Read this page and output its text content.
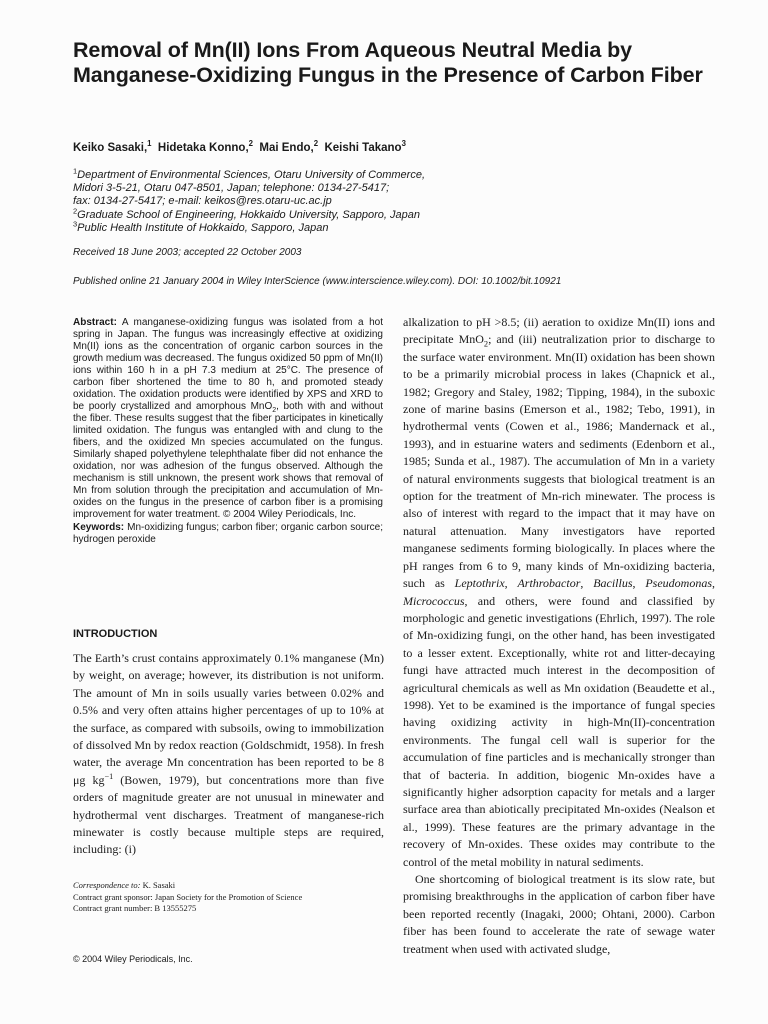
Removal of Mn(II) Ions From Aqueous Neutral Media by Manganese-Oxidizing Fungus in the Presence of Carbon Fiber
Keiko Sasaki,$^1$ Hidetaka Konno,$^2$ Mai Endo,$^2$ Keishi Takano$^3$
$^1$Department of Environmental Sciences, Otaru University of Commerce,
Midori 3-5-21, Otaru 047-8501, Japan; telephone: 0134-27-5417;
fax: 0134-27-5417; e-mail: keikos@res.otaru-uc.ac.jp
$^2$Graduate School of Engineering, Hokkaido University, Sapporo, Japan
$^3$Public Health Institute of Hokkaido, Sapporo, Japan
Received 18 June 2003; accepted 22 October 2003
Published online 21 January 2004 in Wiley InterScience (www.interscience.wiley.com). DOI: 10.1002/bit.10921

Abstract: A manganese-oxidizing fungus was isolated from a hot spring in Japan. The fungus was increasingly effective at oxidizing Mn(II) ions as the concentration of organic carbon sources in the growth medium was decreased. The fungus oxidized 50 ppm of Mn(II) ions within 160 h in a pH 7.3 medium at 25°C. The presence of carbon fiber shortened the time to 80 h, and promoted steady oxidation. The oxidation products were identified by XPS and XRD to be poorly crystallized and amorphous MnO$_2$, both with and without the fiber. These results suggest that the fiber participates in kinetically limited oxidation. The fungus was entangled with and clung to the fibers, and the oxidized Mn species accumulated on the fungus. Similarly shaped polyethylene telephthalate fiber did not enhance the oxidation, nor was adhesion of the fungus observed. Although the mechanism is still unknown, the present work shows that removal of Mn from solution through the precipitation and accumulation of Mn-oxides on the fungus in the presence of carbon fiber is a promising improvement for water treatment. © 2004 Wiley Periodicals, Inc.

Keywords: Mn-oxidizing fungus; carbon fiber; organic carbon source; hydrogen peroxide

INTRODUCTION

The Earth’s crust contains approximately 0.1% manganese (Mn) by weight, on average; however, its distribution is not uniform. The amount of Mn in soils usually varies between 0.02% and 0.5% and very often attains higher percentages of up to 10% at the surface, as compared with subsoils, owing to immobilization of dissolved Mn by redox reaction (Goldschmidt, 1958). In fresh water, the average Mn concentration has been reported to be 8 μg $kg^{-1}$ (Bowen, 1979), but concentrations more than five orders of magnitude greater are not unusual in minewater and hydrothermal vent discharges. Treatment of manganese-rich minewater is costly because multiple steps are required, including: (i)

alkalization to pH >8.5; (ii) aeration to oxidize Mn(II) ions and precipitate MnO$_2$; and (iii) neutralization prior to discharge to the surface water environment. Mn(II) oxidation has been shown to be a primarily microbial process in lakes (Chapnick et al., 1982; Gregory and Staley, 1982; Tipping, 1984), in the suboxic zone of marine basins (Emerson et al., 1982; Tebo, 1991), in hydrothermal vents (Cowen et al., 1986; Mandernack et al., 1993), and in estuarine waters and sediments (Edenborn et al., 1985; Sunda et al., 1987). The accumulation of Mn in a variety of natural environments suggests that biological treatment is an option for the treatment of Mn-rich minewater. The process is also of interest with regard to the impact that it may have on natural attenuation. Many investigators have reported manganese sediments forming biologically. In places where the pH ranges from 6 to 9, many kinds of Mn-oxidizing bacteria, such as Leptothrix, Arthrobactor, Bacillus, Pseudomonas, Micrococcus, and others, were found and classified by morphologic and genetic investigations (Ehrlich, 1997). The role of Mn-oxidizing fungi, on the other hand, has been investigated to a lesser extent. Exceptionally, white rot and litter-decaying fungi have attracted much interest in the decomposition of agricultural chemicals as well as Mn oxidation (Beaudette et al., 1998). Yet to be examined is the importance of fungal species having oxidizing activity in high-Mn(II)-concentration environments. The fungal cell wall is superior for the accumulation of fine particles and is mechanically stronger than that of bacteria. In addition, biogenic Mn-oxides have a significantly higher adsorption capacity for metals and a larger surface area than abiotically precipitated Mn-oxides (Nealson et al., 1999). These features are the primary advantage in the recovery of Mn-oxides. These oxides may contribute to the control of the metal mobility in natural sediments.

One shortcoming of biological treatment is its slow rate, but promising breakthroughs in the application of carbon fiber have been reported recently (Inagaki, 2000; Ohtani, 2000). Carbon fiber has been found to accelerate the rate of sewage water treatment when used with activated sludge,

Correspondence to: K. Sasaki
Contract grant sponsor: Japan Society for the Promotion of Science
Contract grant number: B 13555275
© 2004 Wiley Periodicals, Inc.
